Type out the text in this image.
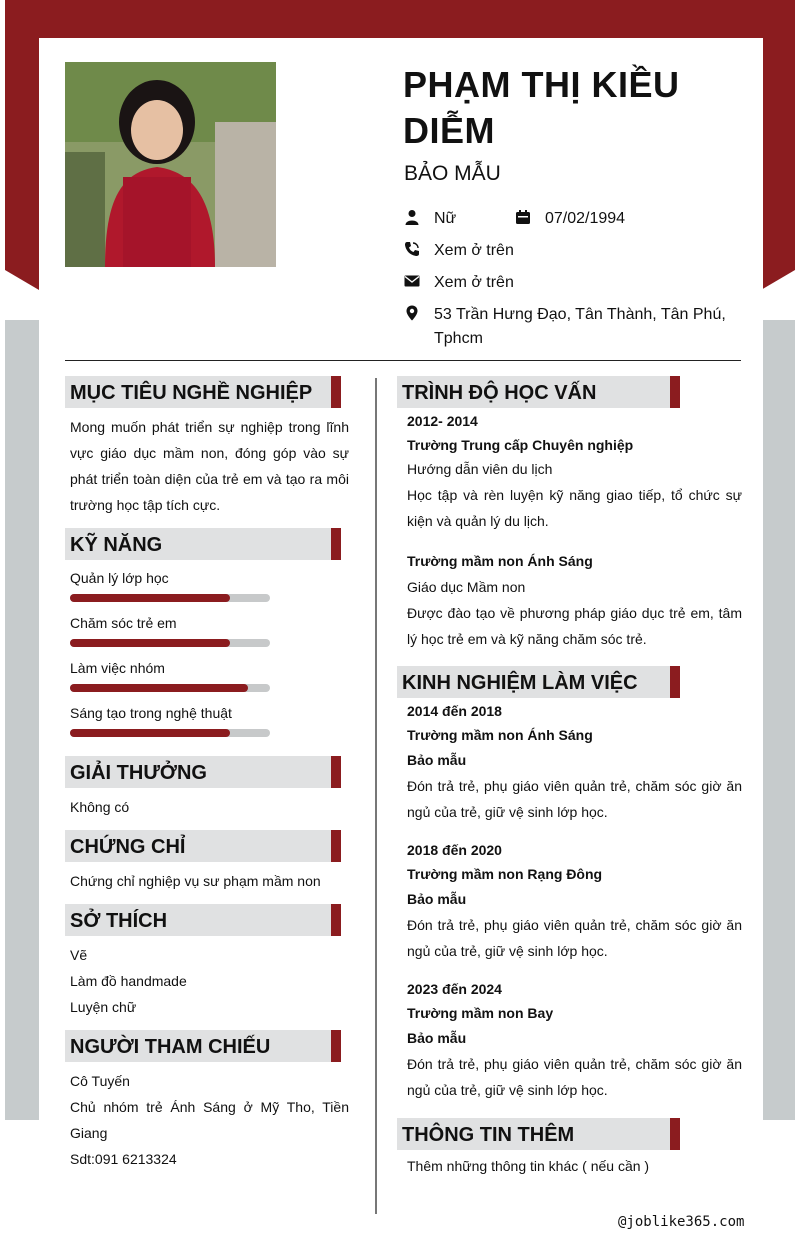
PHẠM THỊ KIỀU
DIỄM
BẢO MẪU
Nữ	07/02/1994
Xem ở trên
Xem ở trên
53 Trần Hưng Đạo, Tân Thành, Tân Phú,
Tphcm
MỤC TIÊU NGHỀ NGHIỆP
Mong muốn phát triển sự nghiệp trong lĩnh vực giáo dục mầm non, đóng góp vào sự phát triển toàn diện của trẻ em và tạo ra môi trường học tập tích cực.
KỸ NĂNG
Quản lý lớp học
Chăm sóc trẻ em
Làm việc nhóm
Sáng tạo trong nghệ thuật
GIẢI THƯỞNG
Không có
CHỨNG CHỈ
Chứng chỉ nghiệp vụ sư phạm mầm non
SỞ THÍCH
Vẽ
Làm đồ handmade
Luyện chữ
NGƯỜI THAM CHIẾU
Cô Tuyến
Chủ nhóm trẻ Ánh Sáng ở Mỹ Tho, Tiền Giang
Sdt:091 6213324
TRÌNH ĐỘ HỌC VẤN
2012- 2014
Trường Trung cấp Chuyên nghiệp
Hướng dẫn viên du lịch
Học tập và rèn luyện kỹ năng giao tiếp, tổ chức sự kiện và quản lý du lịch.
Trường mầm non Ánh Sáng
Giáo dục Mầm non
Được đào tạo về phương pháp giáo dục trẻ em, tâm lý học trẻ em và kỹ năng chăm sóc trẻ.
KINH NGHIỆM LÀM VIỆC
2014 đến 2018
Trường mầm non Ánh Sáng
Bảo mẫu
Đón trả trẻ, phụ giáo viên quản trẻ, chăm sóc giờ ăn ngủ của trẻ, giữ vệ sinh lớp học.
2018 đến 2020
Trường mầm non Rạng Đông
Bảo mẫu
Đón trả trẻ, phụ giáo viên quản trẻ, chăm sóc giờ ăn ngủ của trẻ, giữ vệ sinh lớp học.
2023 đến 2024
Trường mầm non Bay
Bảo mẫu
Đón trả trẻ, phụ giáo viên quản trẻ, chăm sóc giờ ăn ngủ của trẻ, giữ vệ sinh lớp học.
THÔNG TIN THÊM
Thêm những thông tin khác ( nếu cần )
@joblike365.com
